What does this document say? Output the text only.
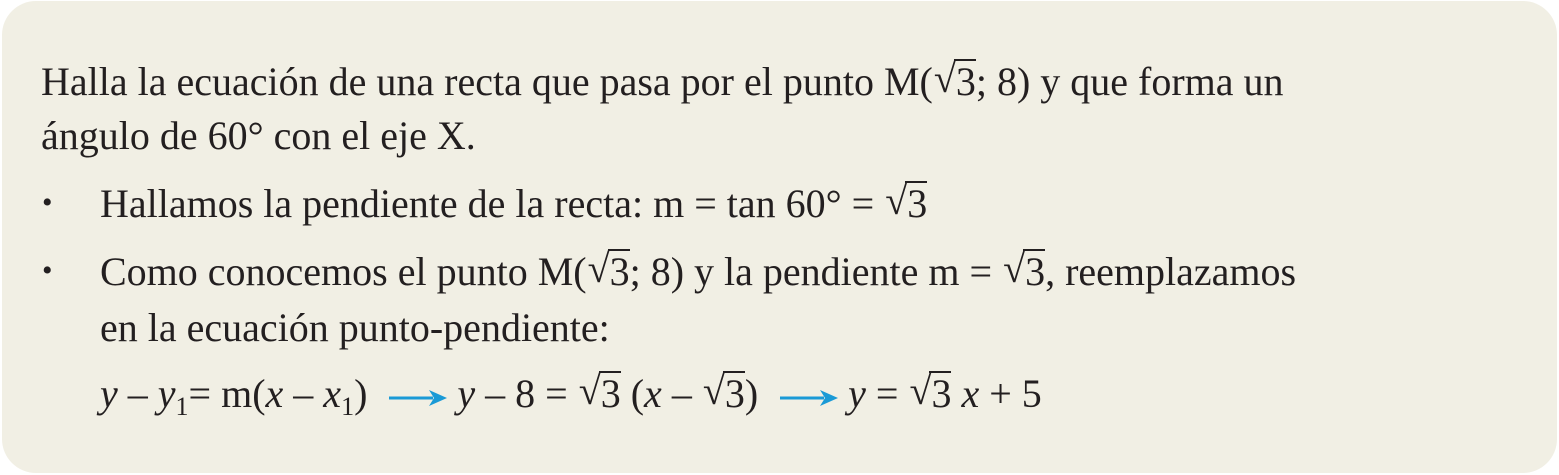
Halla la ecuación de una recta que pasa por el punto M( √ 3; 8) y que forma un
ángulo de 60° con el eje X.
• Hallamos la pendiente de la recta: m = tan 60° = √ 3
• Como conocemos el punto M( √ 3; 8) y la pendiente m = √ 3, reemplazamos
en la ecuación punto-pendiente:
$y - y_1= m(x - x_1)$ y – 8 = √ 3 (x – √ 3) y = √ 3 x + 5
